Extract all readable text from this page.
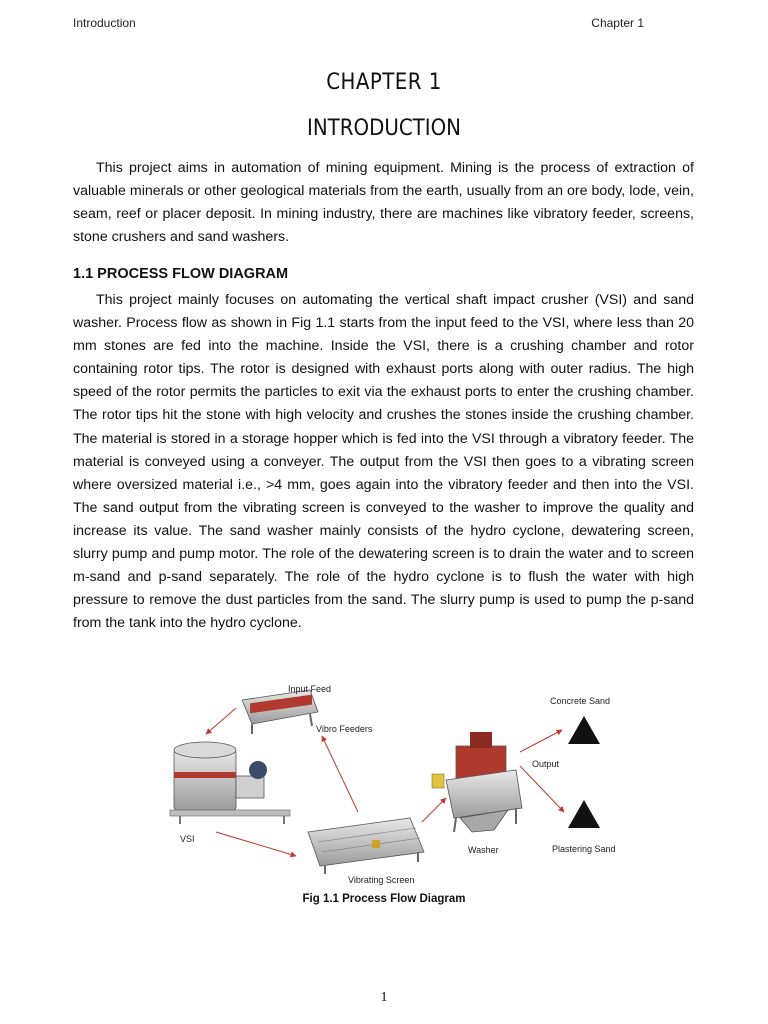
Introduction	Chapter 1
CHAPTER 1
INTRODUCTION

This project aims in automation of mining equipment. Mining is the process of extraction of valuable minerals or other geological materials from the earth, usually from an ore body, lode, vein, seam, reef or placer deposit. In mining industry, there are machines like vibratory feeder, screens, stone crushers and sand washers.

1.1 PROCESS FLOW DIAGRAM

This project mainly focuses on automating the vertical shaft impact crusher (VSI) and sand washer. Process flow as shown in Fig 1.1 starts from the input feed to the VSI, where less than 20 mm stones are fed into the machine. Inside the VSI, there is a crushing chamber and rotor containing rotor tips. The rotor is designed with exhaust ports along with outer radius. The high speed of the rotor permits the particles to exit via the exhaust ports to enter the crushing chamber. The rotor tips hit the stone with high velocity and crushes the stones inside the crushing chamber. The material is stored in a storage hopper which is fed into the VSI through a vibratory feeder. The material is conveyed using a conveyer. The output from the VSI then goes to a vibrating screen where oversized material i.e., >4 mm, goes again into the vibratory feeder and then into the VSI. The sand output from the vibrating screen is conveyed to the washer to improve the quality and increase its value. The sand washer mainly consists of the hydro cyclone, dewatering screen, slurry pump and pump motor. The role of the dewatering screen is to drain the water and to screen m-sand and p-sand separately. The role of the hydro cyclone is to flush the water with high pressure to remove the dust particles from the sand. The slurry pump is used to pump the p-sand from the tank into the hydro cyclone.

Input Feed
Vibro Feeders
VSI
Vibrating Screen
Washer
Output
Concrete Sand
Plastering Sand

Fig 1.1 Process Flow Diagram

1
